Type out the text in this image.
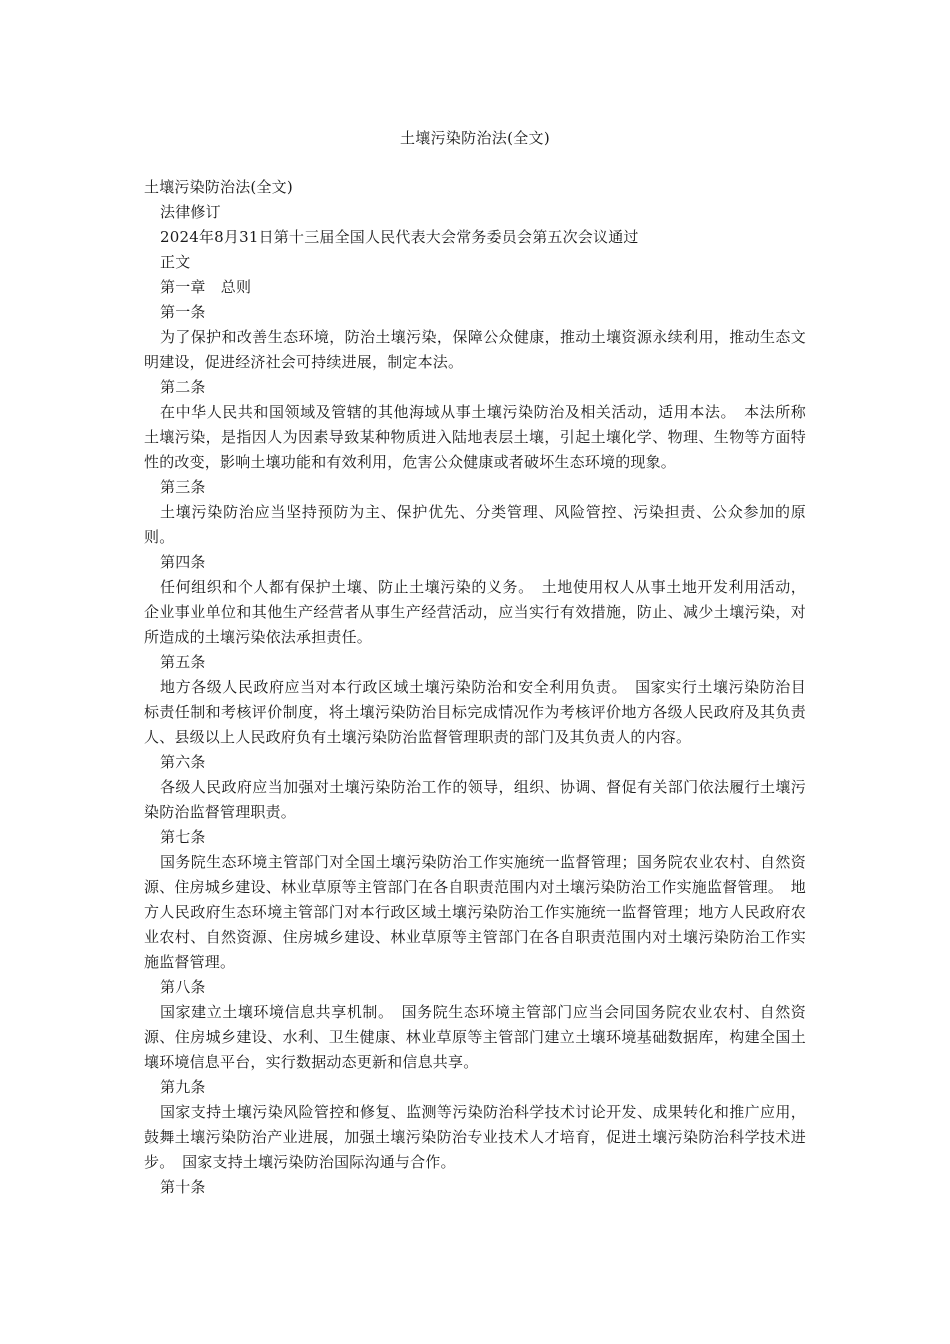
土壤污染防治法(全文)

土壤污染防治法(全文)

法律修订

2024年8月31日第十三届全国人民代表大会常务委员会第五次会议通过

正文

第一章　总则

第一条

为了保护和改善生态环境，防治土壤污染，保障公众健康，推动土壤资源永续利用，推动生态文明建设，促进经济社会可持续进展，制定本法。

第二条

在中华人民共和国领域及管辖的其他海域从事土壤污染防治及相关活动，适用本法。　本法所称土壤污染，是指因人为因素导致某种物质进入陆地表层土壤，引起土壤化学、物理、生物等方面特性的改变，影响土壤功能和有效利用，危害公众健康或者破坏生态环境的现象。

第三条

土壤污染防治应当坚持预防为主、保护优先、分类管理、风险管控、污染担责、公众参加的原则。

第四条

任何组织和个人都有保护土壤、防止土壤污染的义务。　土地使用权人从事土地开发利用活动，企业事业单位和其他生产经营者从事生产经营活动，应当实行有效措施，防止、减少土壤污染，对所造成的土壤污染依法承担责任。

第五条

地方各级人民政府应当对本行政区域土壤污染防治和安全利用负责。　国家实行土壤污染防治目标责任制和考核评价制度，将土壤污染防治目标完成情况作为考核评价地方各级人民政府及其负责人、县级以上人民政府负有土壤污染防治监督管理职责的部门及其负责人的内容。

第六条

各级人民政府应当加强对土壤污染防治工作的领导，组织、协调、督促有关部门依法履行土壤污染防治监督管理职责。

第七条

国务院生态环境主管部门对全国土壤污染防治工作实施统一监督管理；国务院农业农村、自然资源、住房城乡建设、林业草原等主管部门在各自职责范围内对土壤污染防治工作实施监督管理。　地方人民政府生态环境主管部门对本行政区域土壤污染防治工作实施统一监督管理；地方人民政府农业农村、自然资源、住房城乡建设、林业草原等主管部门在各自职责范围内对土壤污染防治工作实施监督管理。

第八条

国家建立土壤环境信息共享机制。　国务院生态环境主管部门应当会同国务院农业农村、自然资源、住房城乡建设、水利、卫生健康、林业草原等主管部门建立土壤环境基础数据库，构建全国土壤环境信息平台，实行数据动态更新和信息共享。

第九条

国家支持土壤污染风险管控和修复、监测等污染防治科学技术讨论开发、成果转化和推广应用，鼓舞土壤污染防治产业进展，加强土壤污染防治专业技术人才培育，促进土壤污染防治科学技术进步。　国家支持土壤污染防治国际沟通与合作。

第十条
